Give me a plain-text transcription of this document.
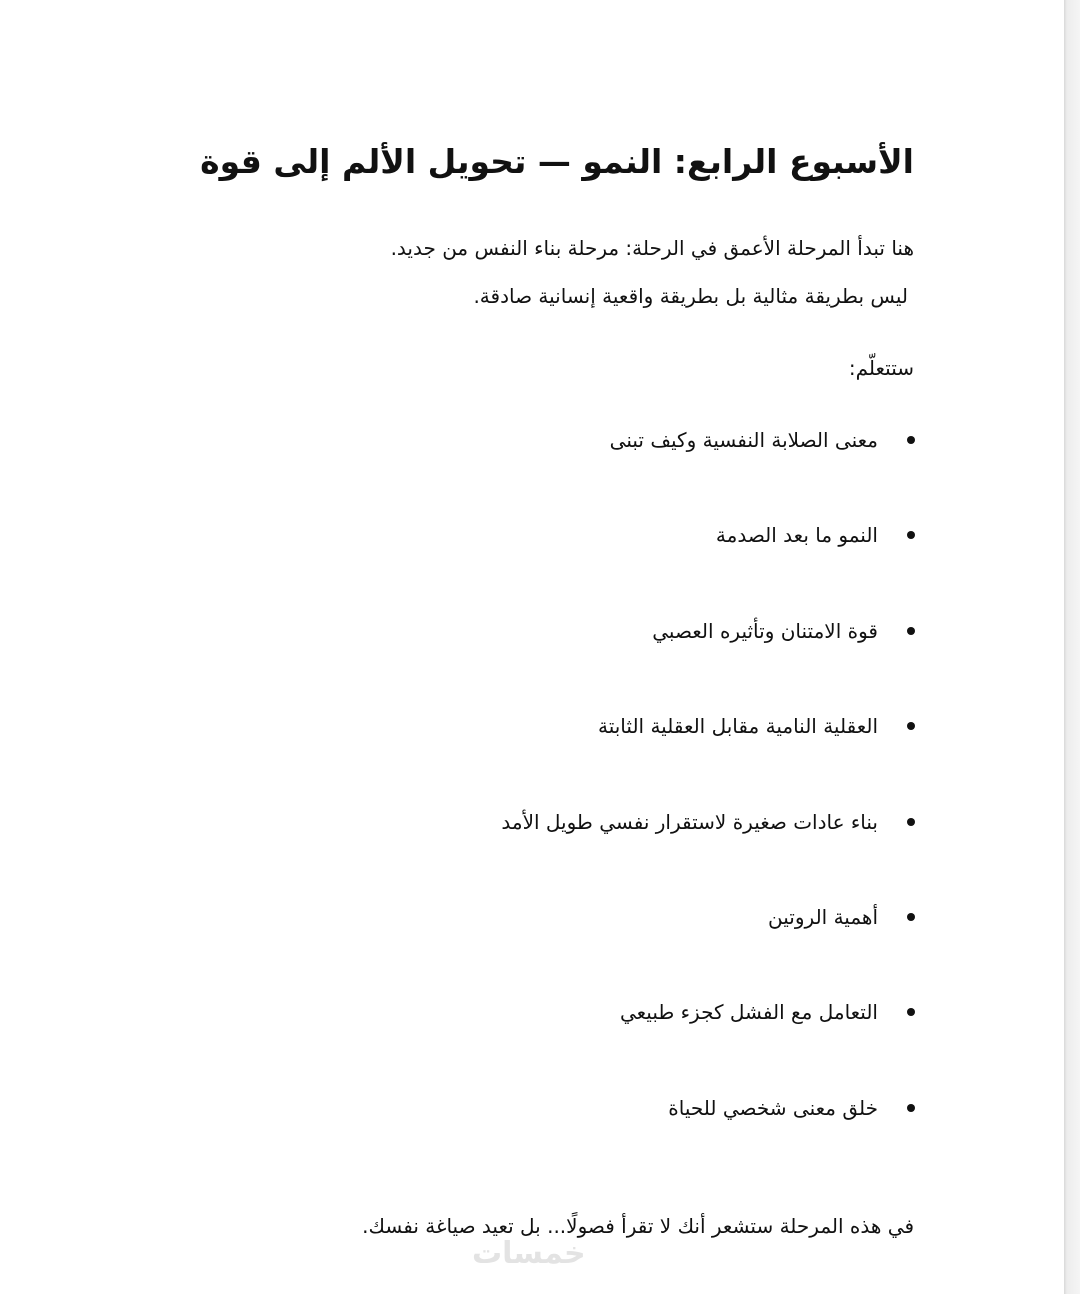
الأسبوع الرابع: النمو — تحويل الألم إلى قوة
هنا تبدأ المرحلة الأعمق في الرحلة: مرحلة بناء النفس من جديد.
ليس بطريقة مثالية بل بطريقة واقعية إنسانية صادقة.
ستتعلّم:
معنى الصلابة النفسية وكيف تبنى
النمو ما بعد الصدمة
قوة الامتنان وتأثيره العصبي
العقلية النامية مقابل العقلية الثابتة
بناء عادات صغيرة لاستقرار نفسي طويل الأمد
أهمية الروتين
التعامل مع الفشل كجزء طبيعي
خلق معنى شخصي للحياة
في هذه المرحلة ستشعر أنك لا تقرأ فصولًا... بل تعيد صياغة نفسك.
خمسات
